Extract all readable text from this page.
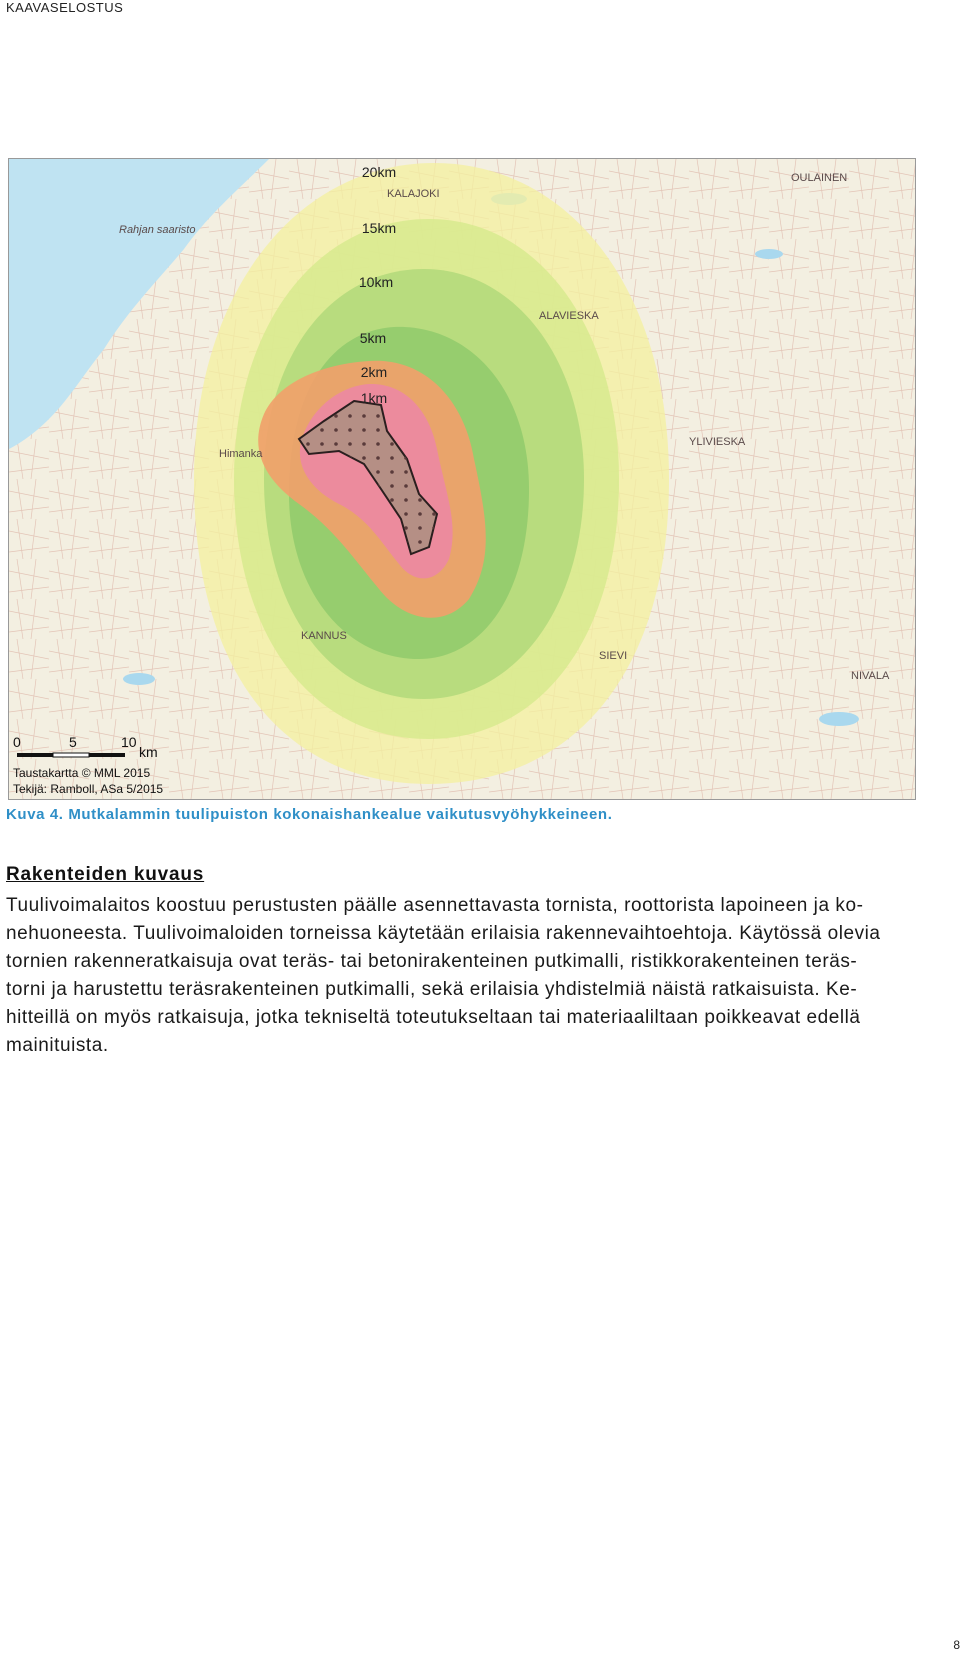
KAAVASELOSTUS
20km
15km
10km
5km
2km
1km
KALAJOKI
OULAINEN
ALAVIESKA
YLIVIESKA
Himanka
KANNUS
SIEVI
NIVALA
Rahjan saaristo
0	5	10
km
Taustakartta © MML 2015
Tekijä: Ramboll, ASa 5/2015
Kuva 4. Mutkalammin tuulipuiston kokonaishankealue vaikutusvyöhykkeineen.
Rakenteiden kuvaus

Tuulivoimalaitos koostuu perustusten päälle asennettavasta tornista, roottorista lapoineen ja ko-
nehuoneesta. Tuulivoimaloiden torneissa käytetään erilaisia rakennevaihtoehtoja. Käytössä olevia
tornien rakenneratkaisuja ovat teräs- tai betonirakenteinen putkimalli, ristikkorakenteinen teräs-
torni ja harustettu teräsrakenteinen putkimalli, sekä erilaisia yhdistelmiä näistä ratkaisuista. Ke-
hitteillä on myös ratkaisuja, jotka tekniseltä toteutukseltaan tai materiaaliltaan poikkeavat edellä
mainituista.

8
